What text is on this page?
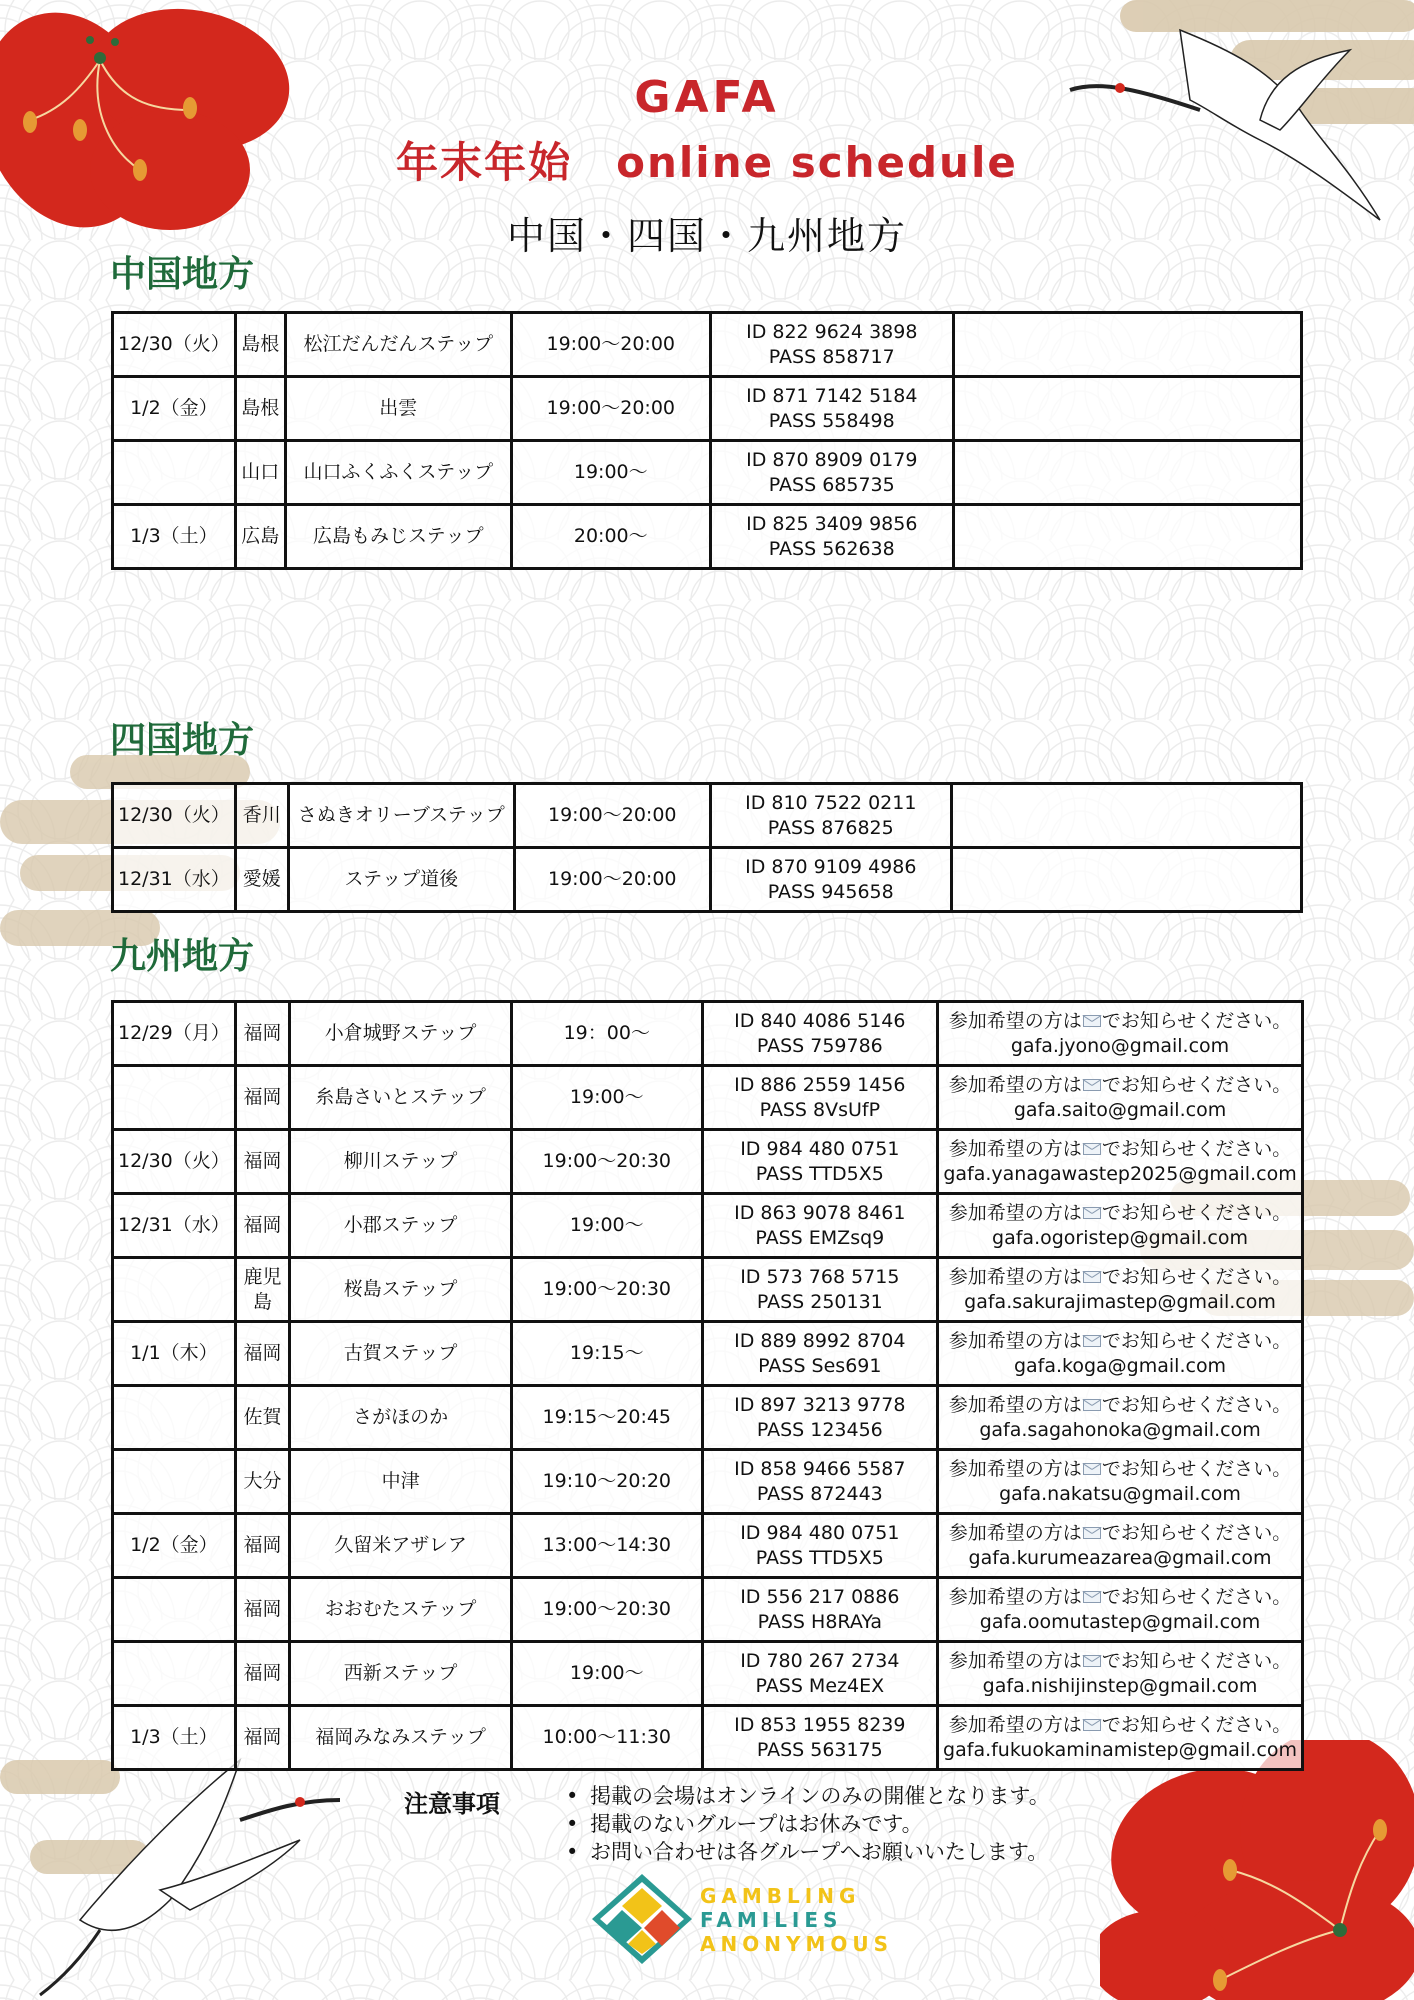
GAFA
年末年始　online schedule
中国・四国・九州地方
中国地方
12/30（火）	島根	松江だんだんステップ	19:00～20:00	ID 822 9624 3898
PASS 858717	

1/2（金）	島根	出雲	19:00～20:00	ID 871 7142 5184
PASS 558498	

	山口	山口ふくふくステップ	19:00～	ID 870 8909 0179
PASS 685735	

1/3（土）	広島	広島もみじステップ	20:00～	ID 825 3409 9856
PASS 562638	

四国地方
12/30（火）	香川	さぬきオリーブステップ	19:00～20:00	ID 810 7522 0211
PASS 876825	

12/31（水）	愛媛	ステップ道後	19:00～20:00	ID 870 9109 4986
PASS 945658	

九州地方
12/29（月）	福岡	小倉城野ステップ	19：00～	ID 840 4086 5146
PASS 759786	参加希望の方は でお知らせください。
gafa.jyono@gmail.com

	福岡	糸島さいとステップ	19:00～	ID 886 2559 1456
PASS 8VsUfP	参加希望の方は でお知らせください。
gafa.saito@gmail.com

12/30（火）	福岡	柳川ステップ	19:00～20:30	ID 984 480 0751
PASS TTD5X5	参加希望の方は でお知らせください。
gafa.yanagawastep2025@gmail.com

12/31（水）	福岡	小郡ステップ	19:00～	ID 863 9078 8461
PASS EMZsq9	参加希望の方は でお知らせください。
gafa.ogoristep@gmail.com

	鹿児島	桜島ステップ	19:00～20:30	ID 573 768 5715
PASS 250131	参加希望の方は でお知らせください。
gafa.sakurajimastep@gmail.com

1/1（木）	福岡	古賀ステップ	19:15～	ID 889 8992 8704
PASS Ses691	参加希望の方は でお知らせください。
gafa.koga@gmail.com

	佐賀	さがほのか	19:15～20:45	ID 897 3213 9778
PASS 123456	参加希望の方は でお知らせください。
gafa.sagahonoka@gmail.com

	大分	中津	19:10～20:20	ID 858 9466 5587
PASS 872443	参加希望の方は でお知らせください。
gafa.nakatsu@gmail.com

1/2（金）	福岡	久留米アザレア	13:00～14:30	ID 984 480 0751
PASS TTD5X5	参加希望の方は でお知らせください。
gafa.kurumeazarea@gmail.com

	福岡	おおむたステップ	19:00～20:30	ID 556 217 0886
PASS H8RAYa	参加希望の方は でお知らせください。
gafa.oomutastep@gmail.com

	福岡	西新ステップ	19:00～	ID 780 267 2734
PASS Mez4EX	参加希望の方は でお知らせください。
gafa.nishijinstep@gmail.com

1/3（土）	福岡	福岡みなみステップ	10:00～11:30	ID 853 1955 8239
PASS 563175	参加希望の方は でお知らせください。
gafa.fukuokaminamistep@gmail.com
注意事項	• 掲載の会場はオンラインのみの開催となります。
• 掲載のないグループはお休みです。
• お問い合わせは各グループへお願いいたします。
GAMBLING
FAMILIES
ANONYMOUS
